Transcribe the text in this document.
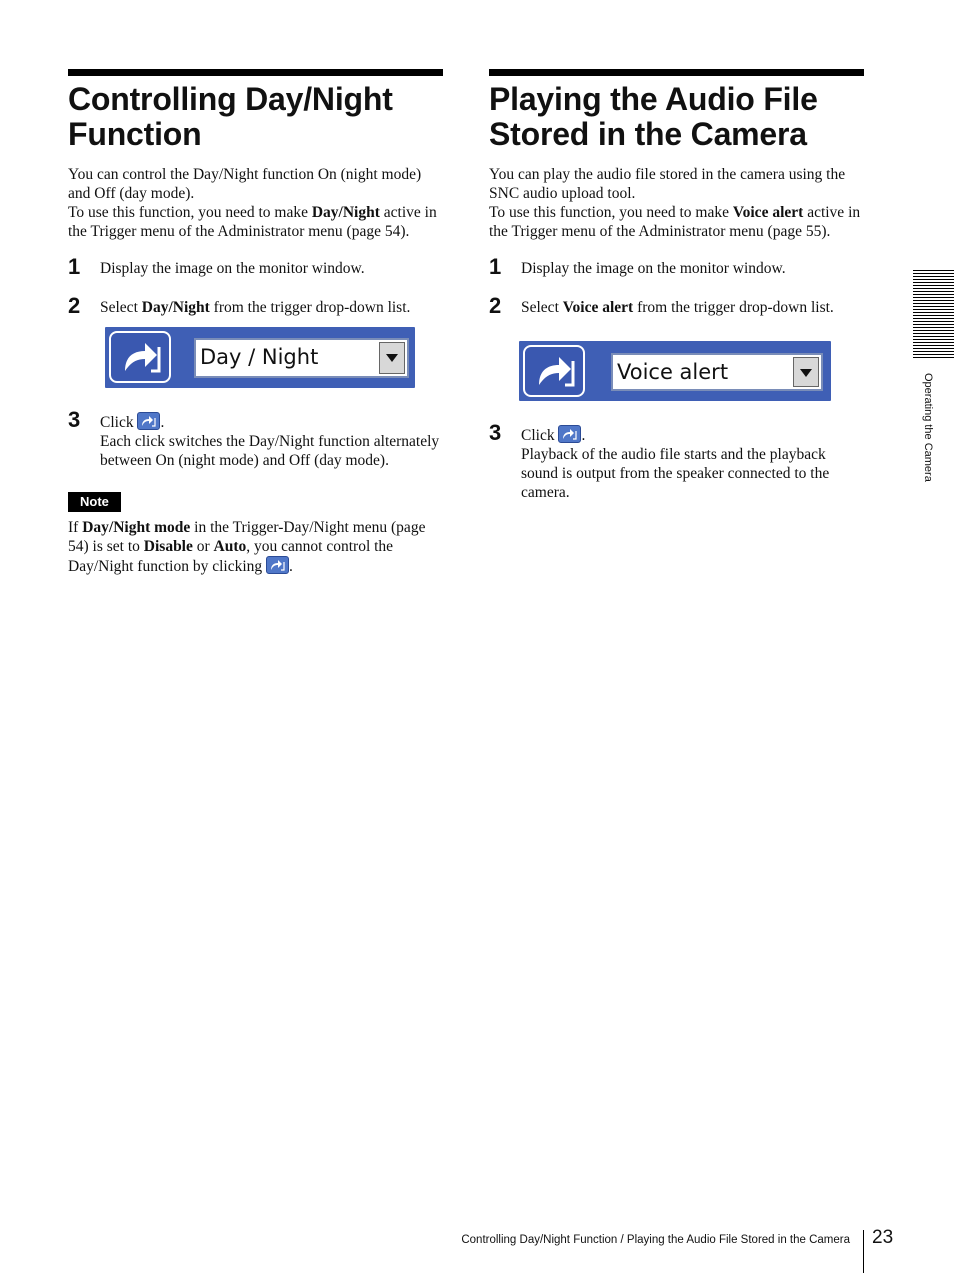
Controlling Day/Night
Function

You can control the Day/Night function On (night mode) and Off (day mode).
To use this function, you need to make Day/Night active in the Trigger menu of the Administrator menu (page 54).

1 Display the image on the monitor window.

2 Select Day/Night from the trigger drop-down list.

Day / Night
3 Click .
Each click switches the Day/Night function alternately between On (night mode) and Off (day mode).

Note

If Day/Night mode in the Trigger-Day/Night menu (page 54) is set to Disable or Auto, you cannot control the Day/Night function by clicking
.

Playing the Audio File
Stored in the Camera

You can play the audio file stored in the camera using the SNC audio upload tool.
To use this function, you need to make Voice alert active in the Trigger menu of the Administrator menu (page 55).

1 Display the image on the monitor window.

2 Select Voice alert from the trigger drop-down list.

Voice alert
3 Click .
Playback of the audio file starts and the playback sound is output from the speaker connected to the camera.

Operating the Camera
Controlling Day/Night Function / Playing the Audio File Stored in the Camera 23
